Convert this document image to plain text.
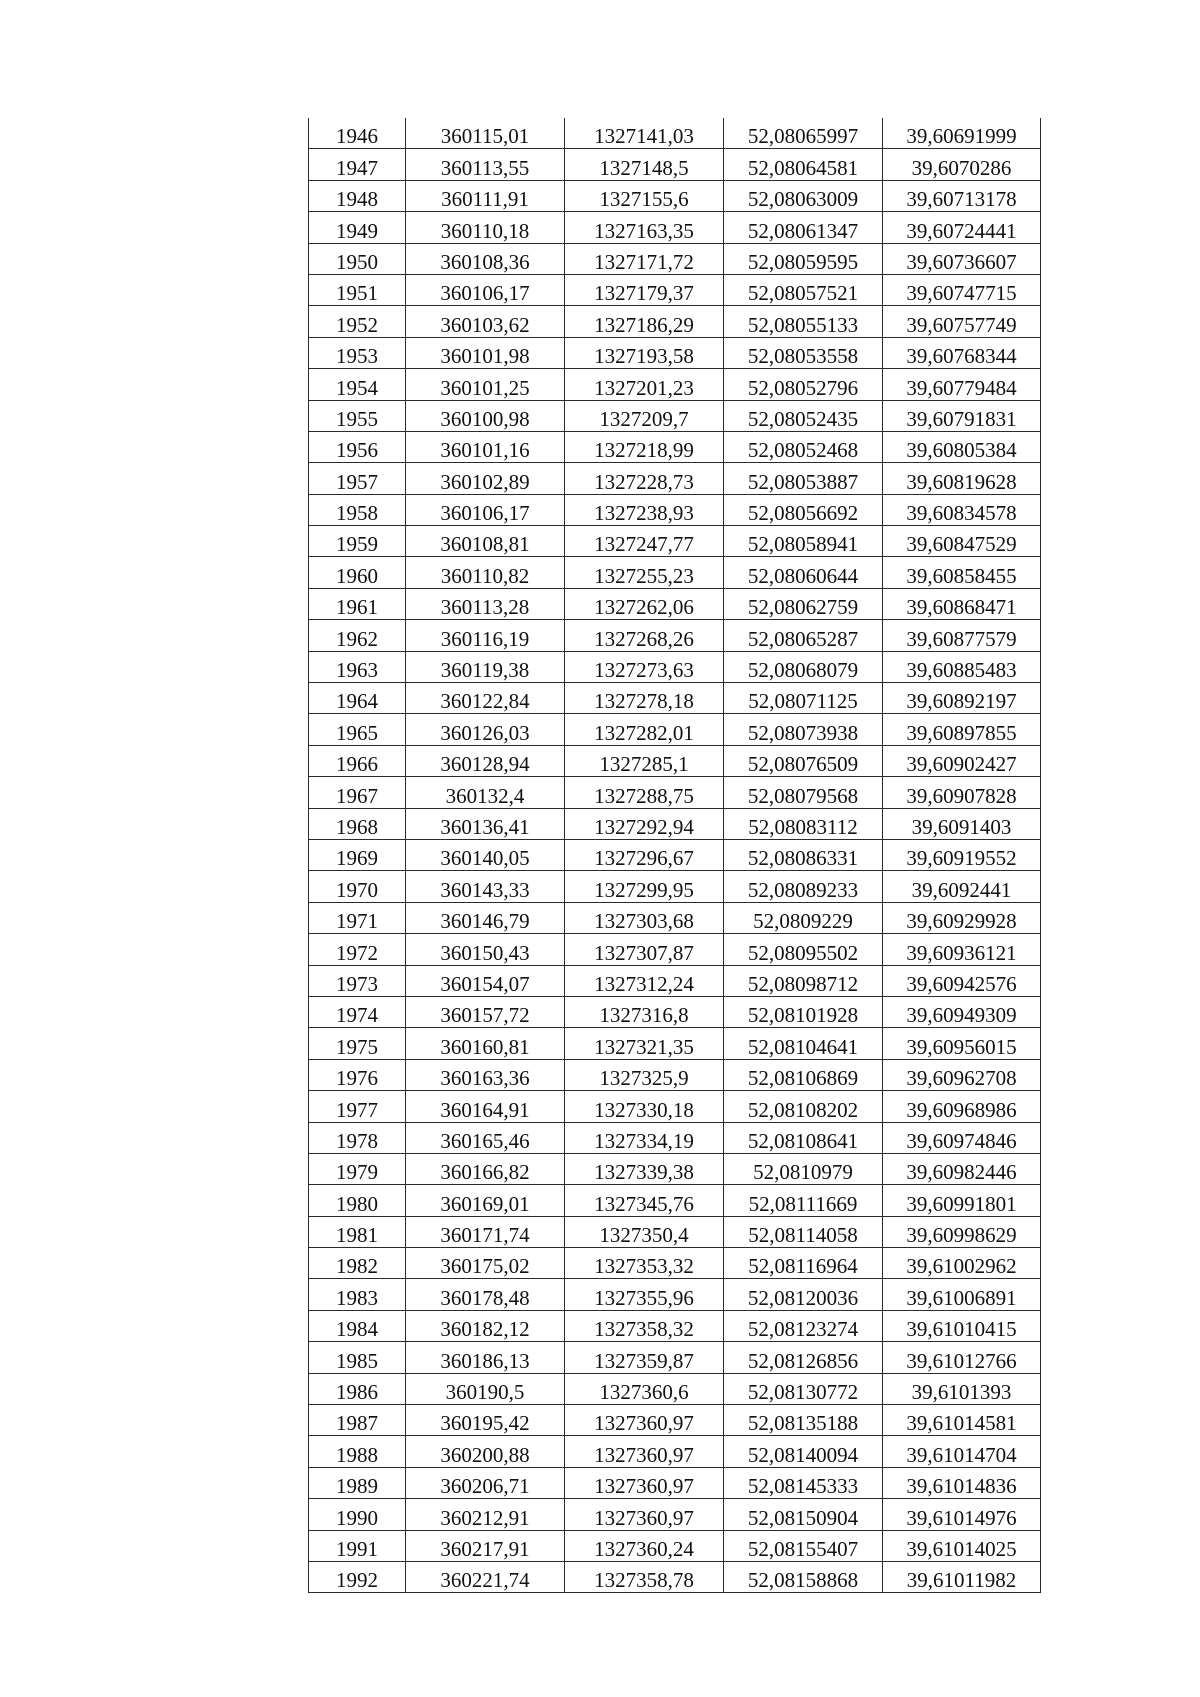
1946	360115,01	1327141,03	52,08065997	39,60691999
1947	360113,55	1327148,5	52,08064581	39,6070286
1948	360111,91	1327155,6	52,08063009	39,60713178
1949	360110,18	1327163,35	52,08061347	39,60724441
1950	360108,36	1327171,72	52,08059595	39,60736607
1951	360106,17	1327179,37	52,08057521	39,60747715
1952	360103,62	1327186,29	52,08055133	39,60757749
1953	360101,98	1327193,58	52,08053558	39,60768344
1954	360101,25	1327201,23	52,08052796	39,60779484
1955	360100,98	1327209,7	52,08052435	39,60791831
1956	360101,16	1327218,99	52,08052468	39,60805384
1957	360102,89	1327228,73	52,08053887	39,60819628
1958	360106,17	1327238,93	52,08056692	39,60834578
1959	360108,81	1327247,77	52,08058941	39,60847529
1960	360110,82	1327255,23	52,08060644	39,60858455
1961	360113,28	1327262,06	52,08062759	39,60868471
1962	360116,19	1327268,26	52,08065287	39,60877579
1963	360119,38	1327273,63	52,08068079	39,60885483
1964	360122,84	1327278,18	52,08071125	39,60892197
1965	360126,03	1327282,01	52,08073938	39,60897855
1966	360128,94	1327285,1	52,08076509	39,60902427
1967	360132,4	1327288,75	52,08079568	39,60907828
1968	360136,41	1327292,94	52,08083112	39,6091403
1969	360140,05	1327296,67	52,08086331	39,60919552
1970	360143,33	1327299,95	52,08089233	39,6092441
1971	360146,79	1327303,68	52,0809229	39,60929928
1972	360150,43	1327307,87	52,08095502	39,60936121
1973	360154,07	1327312,24	52,08098712	39,60942576
1974	360157,72	1327316,8	52,08101928	39,60949309
1975	360160,81	1327321,35	52,08104641	39,60956015
1976	360163,36	1327325,9	52,08106869	39,60962708
1977	360164,91	1327330,18	52,08108202	39,60968986
1978	360165,46	1327334,19	52,08108641	39,60974846
1979	360166,82	1327339,38	52,0810979	39,60982446
1980	360169,01	1327345,76	52,08111669	39,60991801
1981	360171,74	1327350,4	52,08114058	39,60998629
1982	360175,02	1327353,32	52,08116964	39,61002962
1983	360178,48	1327355,96	52,08120036	39,61006891
1984	360182,12	1327358,32	52,08123274	39,61010415
1985	360186,13	1327359,87	52,08126856	39,61012766
1986	360190,5	1327360,6	52,08130772	39,6101393
1987	360195,42	1327360,97	52,08135188	39,61014581
1988	360200,88	1327360,97	52,08140094	39,61014704
1989	360206,71	1327360,97	52,08145333	39,61014836
1990	360212,91	1327360,97	52,08150904	39,61014976
1991	360217,91	1327360,24	52,08155407	39,61014025
1992	360221,74	1327358,78	52,08158868	39,61011982
